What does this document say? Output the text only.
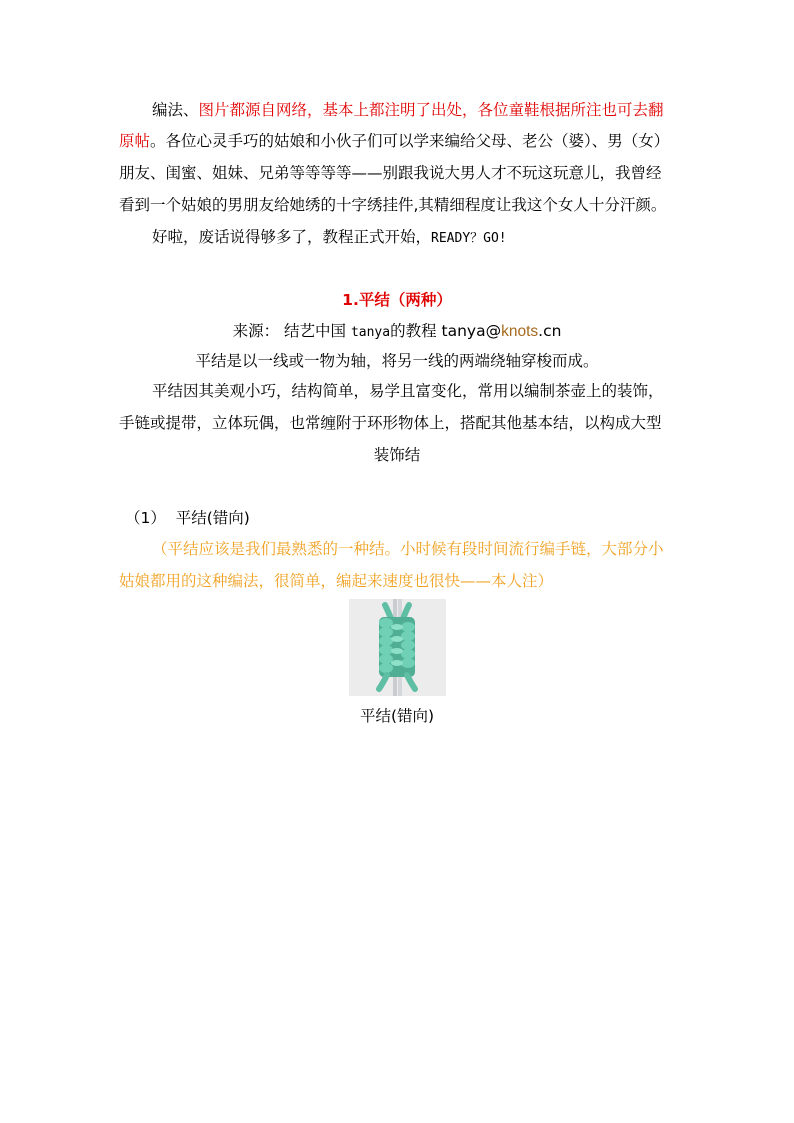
编法、图片都源自网络，基本上都注明了出处，各位童鞋根据所注也可去翻
原帖。各位心灵手巧的姑娘和小伙子们可以学来编给父母、老公（婆）、男（女）
朋友、闺蜜、姐妹、兄弟等等等等——别跟我说大男人才不玩这玩意儿，我曾经
看到一个姑娘的男朋友给她绣的十字绣挂件,其精细程度让我这个女人十分汗颜。
好啦，废话说得够多了，教程正式开始，READY？GO!
1.平结（两种）
来源： 结艺中国 tanya的教程 tanya@knots.cn
平结是以一线或一物为轴，将另一线的两端绕轴穿梭而成。
平结因其美观小巧，结构简单，易学且富变化，常用以编制茶壶上的装饰，
手链或提带，立体玩偶，也常缠附于环形物体上，搭配其他基本结，以构成大型
装饰结
（1） 平结(错向)
（平结应该是我们最熟悉的一种结。小时候有段时间流行编手链，大部分小
姑娘都用的这种编法，很简单，编起来速度也很快——本人注）
平结(错向)
